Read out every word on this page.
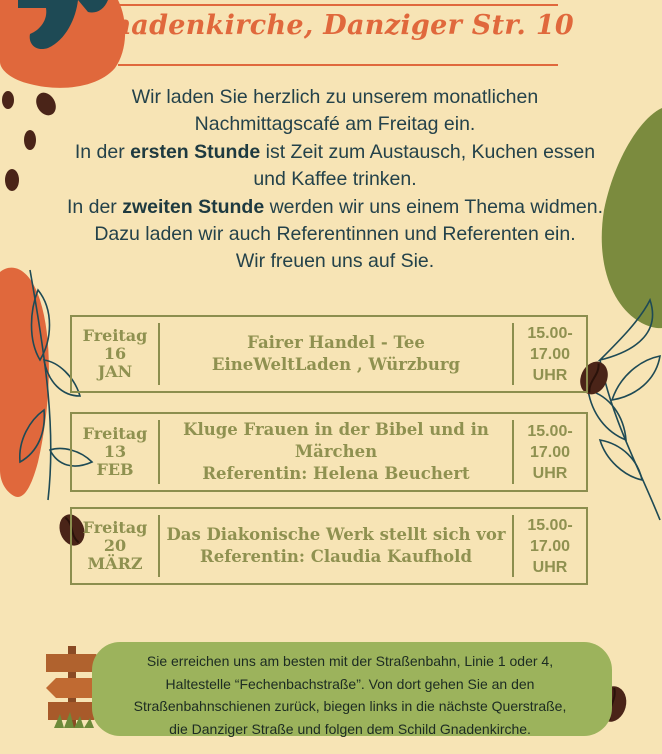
Gnadenkirche, Danziger Str. 10

Wir laden Sie herzlich zu unserem monatlichen

Nachmittagscafé am Freitag ein.

In der ersten Stunde ist Zeit zum Austausch, Kuchen essen

und Kaffee trinken.

In der zweiten Stunde werden wir uns einem Thema widmen.

Dazu laden wir auch Referentinnen und Referenten ein.

Wir freuen uns auf Sie.

Freitag
16
JAN
Fairer Handel - Tee
EineWeltLaden , Würzburg
15.00-
17.00
UHR
Freitag
13
FEB
Kluge Frauen in der Bibel und in
Märchen
Referentin: Helena Beuchert
15.00-
17.00
UHR
Freitag
20
MÄRZ
Das Diakonische Werk stellt sich vor
Referentin: Claudia Kaufhold
15.00-
17.00
UHR
Sie erreichen uns am besten mit der Straßenbahn, Linie 1 oder 4,
Haltestelle “Fechenbachstraße”. Von dort gehen Sie an den
Straßenbahnschienen zurück, biegen links in die nächste Querstraße,
die Danziger Straße und folgen dem Schild Gnadenkirche.
